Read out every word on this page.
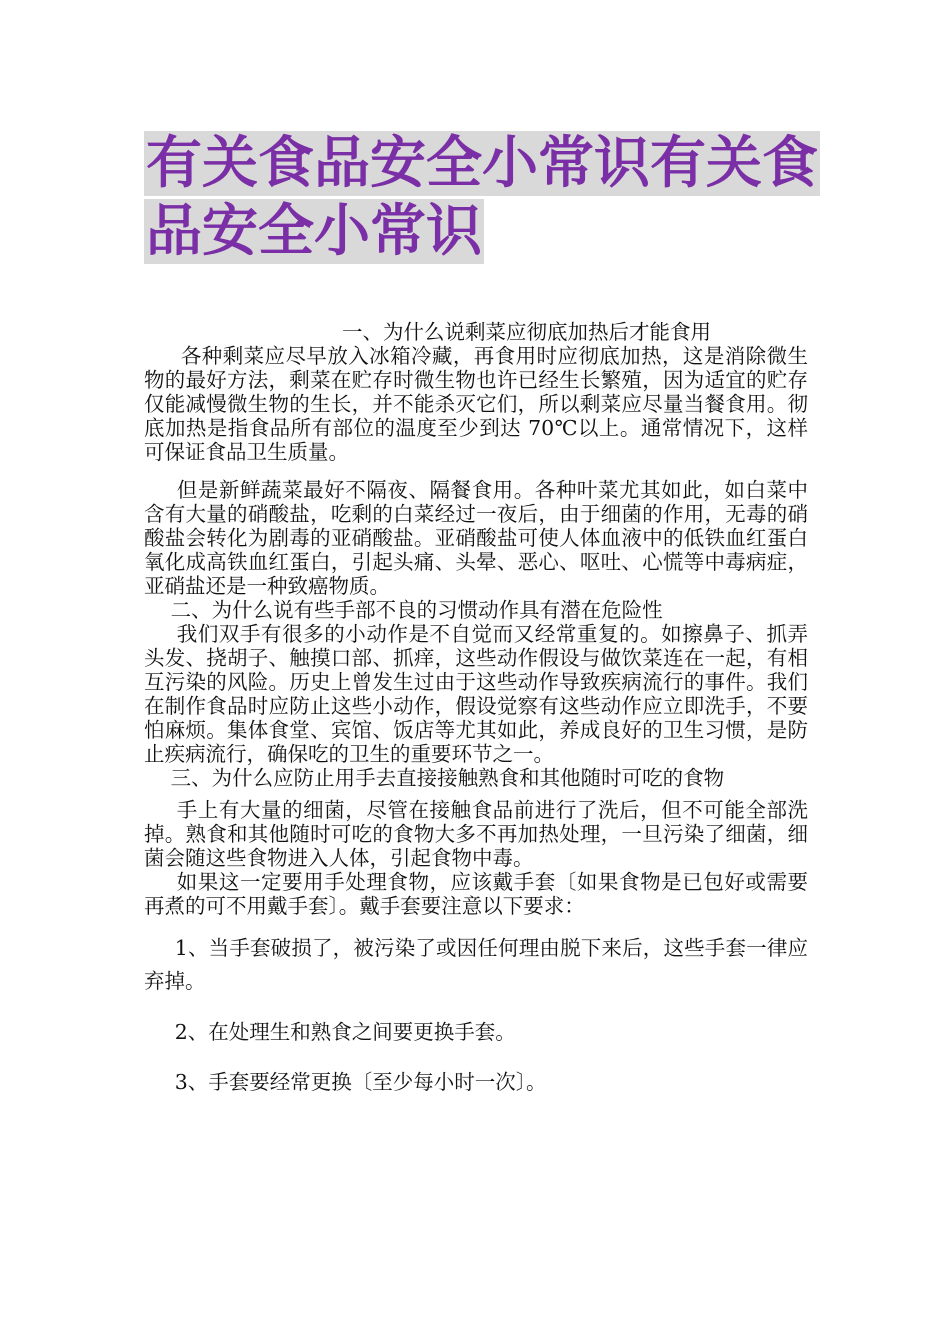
有关食品安全小常识有关食品安全小常识

一、为什么说剩菜应彻底加热后才能食用

各种剩菜应尽早放入冰箱冷藏，再食用时应彻底加热，这是消除微生物的最好方法，剩菜在贮存时微生物也许已经生长繁殖，因为适宜的贮存仅能减慢微生物的生长，并不能杀灭它们，所以剩菜应尽量当餐食用。彻底加热是指食品所有部位的温度至少到达 70℃以上。通常情况下，这样可保证食品卫生质量。

但是新鲜蔬菜最好不隔夜、隔餐食用。各种叶菜尤其如此，如白菜中含有大量的硝酸盐，吃剩的白菜经过一夜后，由于细菌的作用，无毒的硝酸盐会转化为剧毒的亚硝酸盐。亚硝酸盐可使人体血液中的低铁血红蛋白氧化成高铁血红蛋白，引起头痛、头晕、恶心、呕吐、心慌等中毒病症，亚硝盐还是一种致癌物质。

二、为什么说有些手部不良的习惯动作具有潜在危险性

我们双手有很多的小动作是不自觉而又经常重复的。如擦鼻子、抓弄头发、挠胡子、触摸口部、抓痒，这些动作假设与做饮菜连在一起，有相互污染的风险。历史上曾发生过由于这些动作导致疾病流行的事件。我们在制作食品时应防止这些小动作，假设觉察有这些动作应立即洗手，不要怕麻烦。集体食堂、宾馆、饭店等尤其如此，养成良好的卫生习惯，是防止疾病流行，确保吃的卫生的重要环节之一。

三、为什么应防止用手去直接接触熟食和其他随时可吃的食物

手上有大量的细菌，尽管在接触食品前进行了洗后，但不可能全部洗掉。熟食和其他随时可吃的食物大多不再加热处理，一旦污染了细菌，细菌会随这些食物进入人体，引起食物中毒。

如果这一定要用手处理食物，应该戴手套〔如果食物是已包好或需要再煮的可不用戴手套〕。戴手套要注意以下要求：

1、当手套破损了，被污染了或因任何理由脱下来后，这些手套一律应弃掉。

2、在处理生和熟食之间要更换手套。

3、手套要经常更换〔至少每小时一次〕。
